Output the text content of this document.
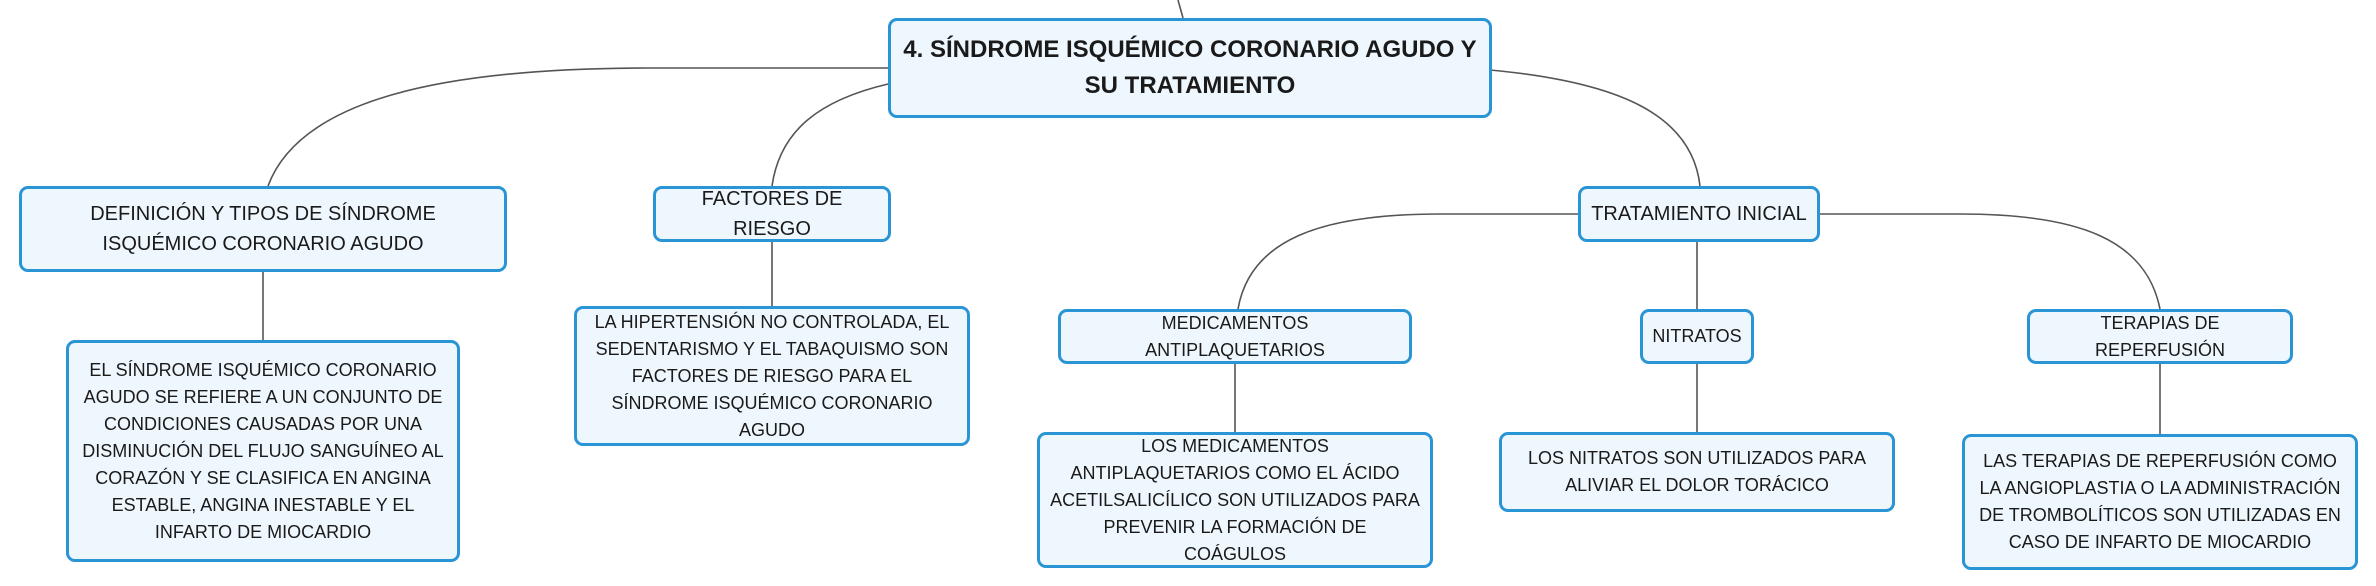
4. SÍNDROME ISQUÉMICO CORONARIO AGUDO Y SU TRATAMIENTO
DEFINICIÓN Y TIPOS DE SÍNDROME ISQUÉMICO CORONARIO AGUDO
EL SÍNDROME ISQUÉMICO CORONARIO AGUDO SE REFIERE A UN CONJUNTO DE CONDICIONES CAUSADAS POR UNA DISMINUCIÓN DEL FLUJO SANGUÍNEO AL CORAZÓN Y SE CLASIFICA EN ANGINA ESTABLE, ANGINA INESTABLE Y EL INFARTO DE MIOCARDIO
FACTORES DE RIESGO
LA HIPERTENSIÓN NO CONTROLADA, EL SEDENTARISMO Y EL TABAQUISMO SON FACTORES DE RIESGO PARA EL SÍNDROME ISQUÉMICO CORONARIO AGUDO
TRATAMIENTO INICIAL
MEDICAMENTOS ANTIPLAQUETARIOS
LOS MEDICAMENTOS ANTIPLAQUETARIOS COMO EL ÁCIDO ACETILSALICÍLICO SON UTILIZADOS PARA PREVENIR LA FORMACIÓN DE COÁGULOS
NITRATOS
LOS NITRATOS SON UTILIZADOS PARA ALIVIAR EL DOLOR TORÁCICO
TERAPIAS DE REPERFUSIÓN
LAS TERAPIAS DE REPERFUSIÓN COMO LA ANGIOPLASTIA O LA ADMINISTRACIÓN DE TROMBOLÍTICOS SON UTILIZADAS EN CASO DE INFARTO DE MIOCARDIO
